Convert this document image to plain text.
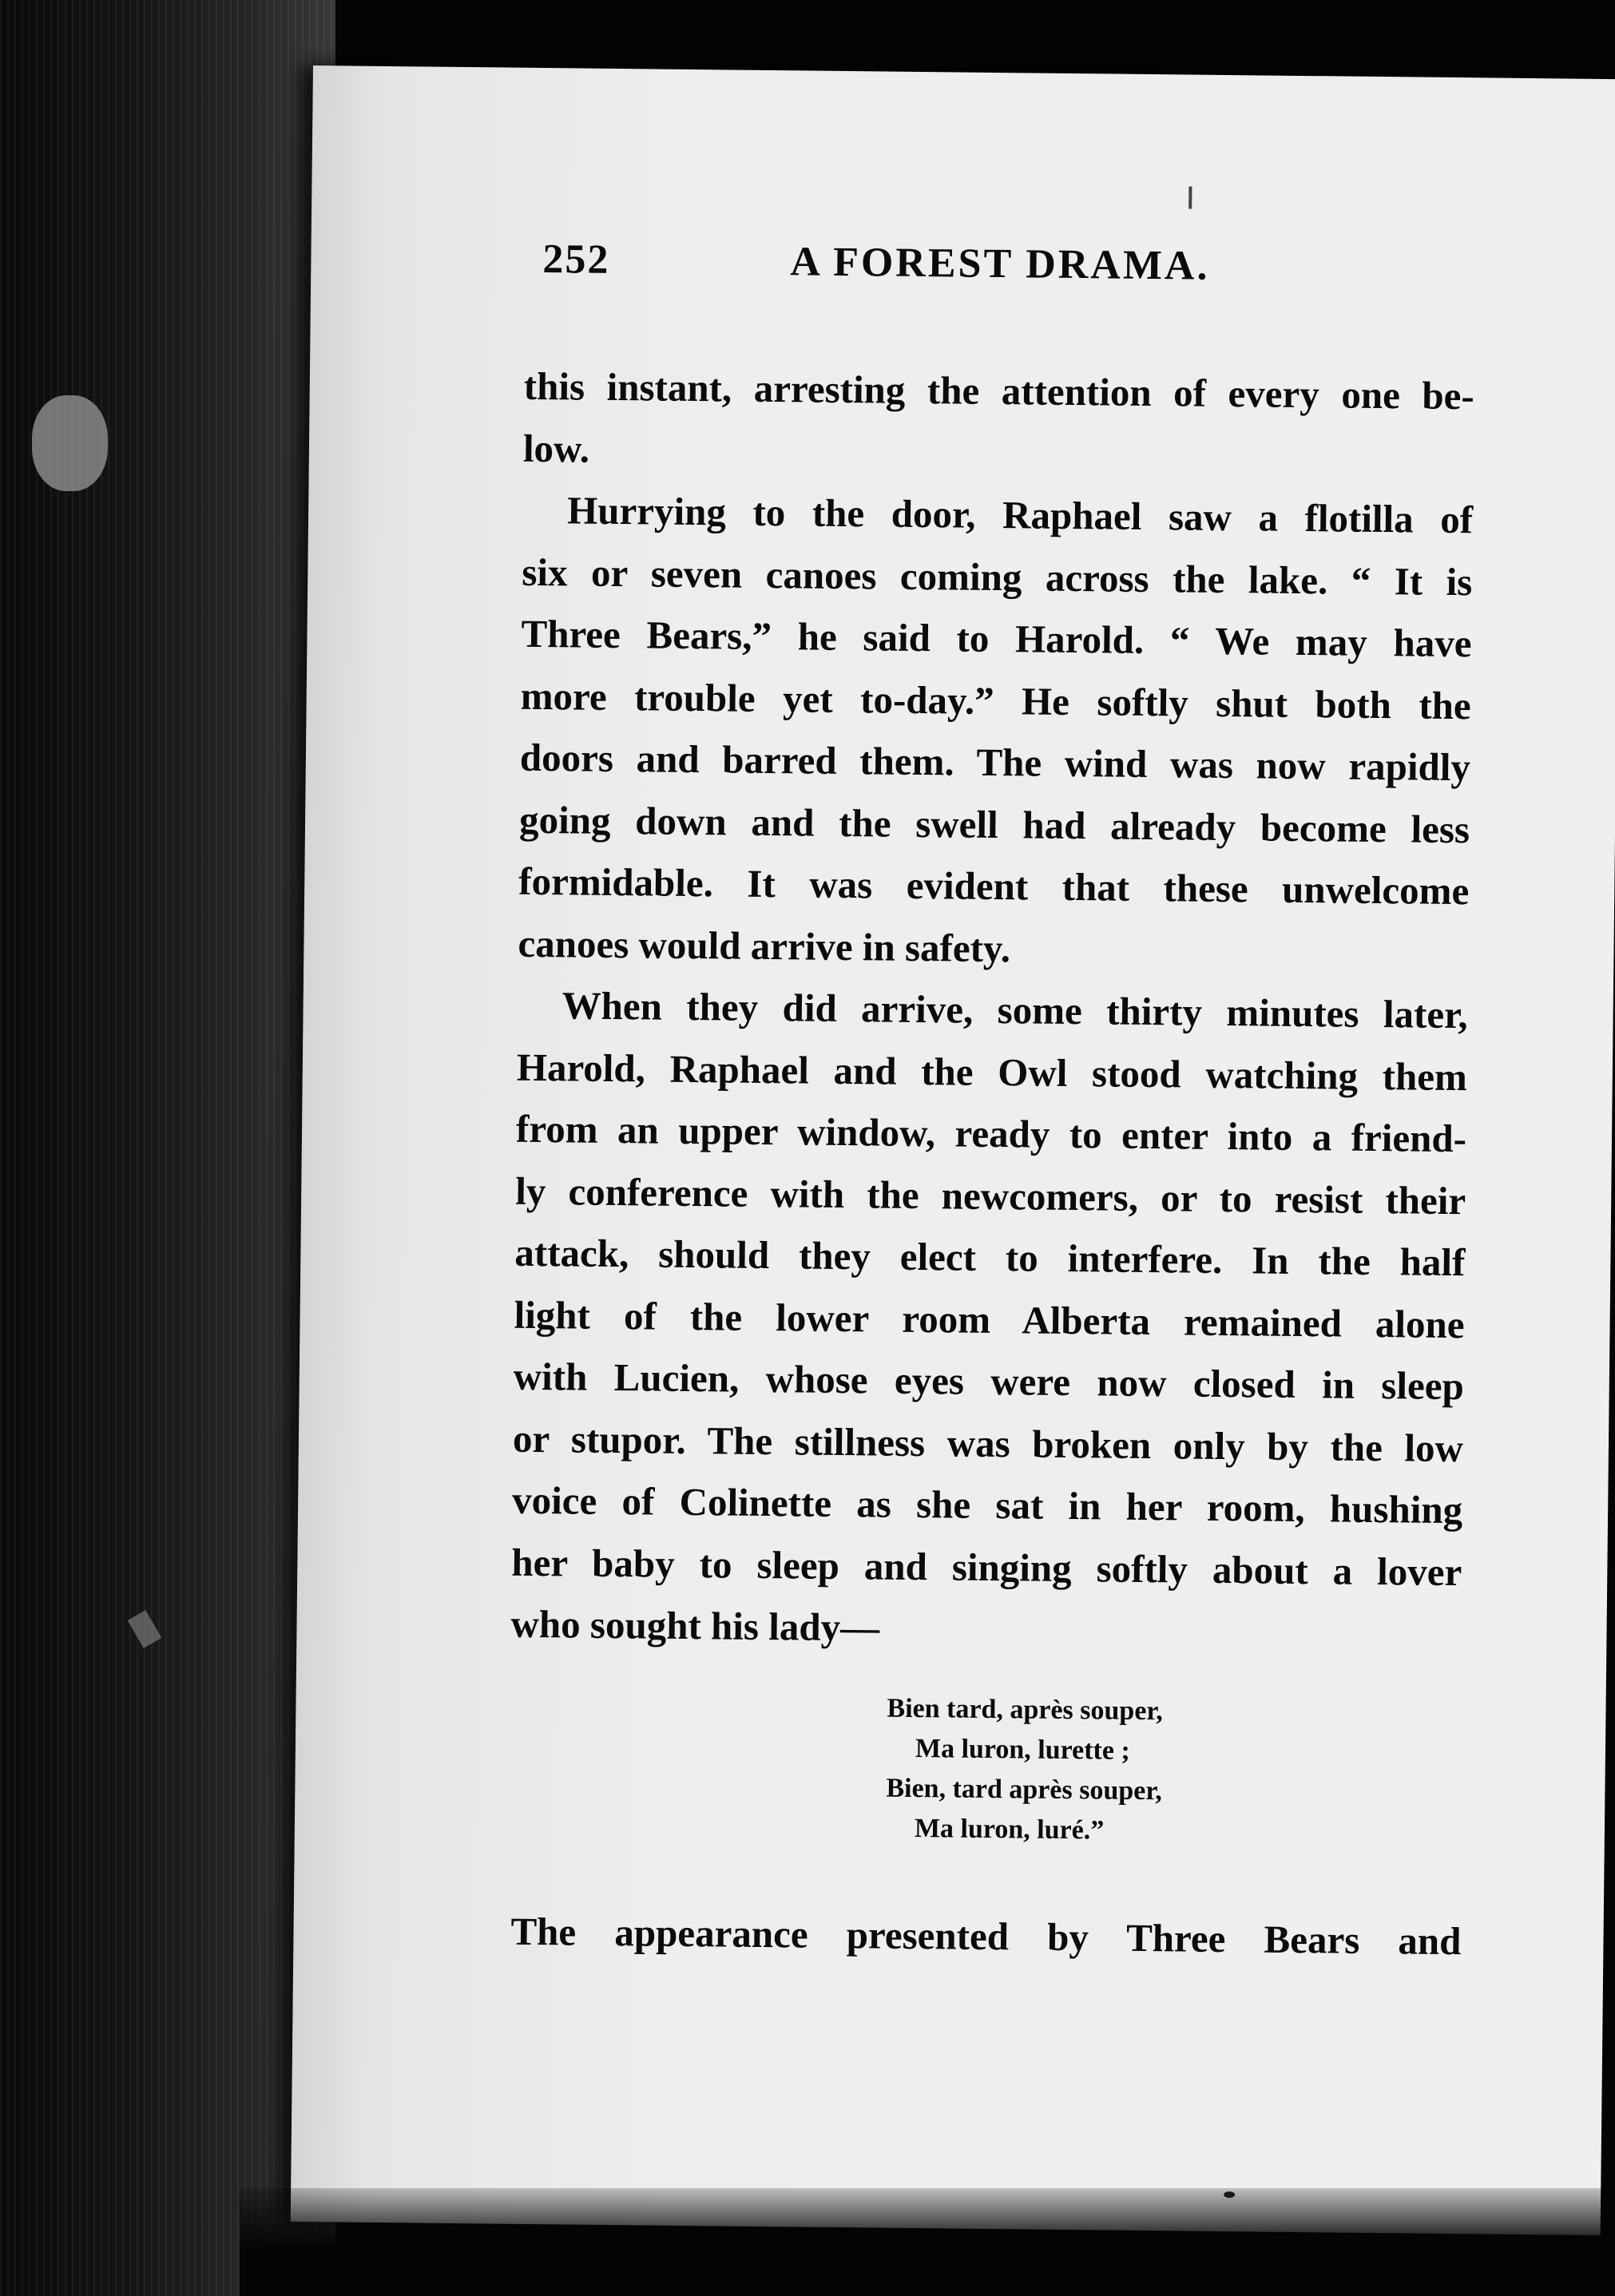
252	A FOREST DRAMA.
this instant, arresting the attention of every one be-
low.
Hurrying to the door, Raphael saw a flotilla of
six or seven canoes coming across the lake. “ It is
Three Bears,” he said to Harold. “ We may have
more trouble yet to-day.” He softly shut both the
doors and barred them. The wind was now rapidly
going down and the swell had already become less
formidable. It was evident that these unwelcome
canoes would arrive in safety.
When they did arrive, some thirty minutes later,
Harold, Raphael and the Owl stood watching them
from an upper window, ready to enter into a friend-
ly conference with the newcomers, or to resist their
attack, should they elect to interfere. In the half
light of the lower room Alberta remained alone
with Lucien, whose eyes were now closed in sleep
or stupor. The stillness was broken only by the low
voice of Colinette as she sat in her room, hushing
her baby to sleep and singing softly about a lover
who sought his lady—
Bien tard, après souper,
Ma luron, lurette ;
Bien, tard après souper,
Ma luron, luré.”
The appearance presented by Three Bears and
